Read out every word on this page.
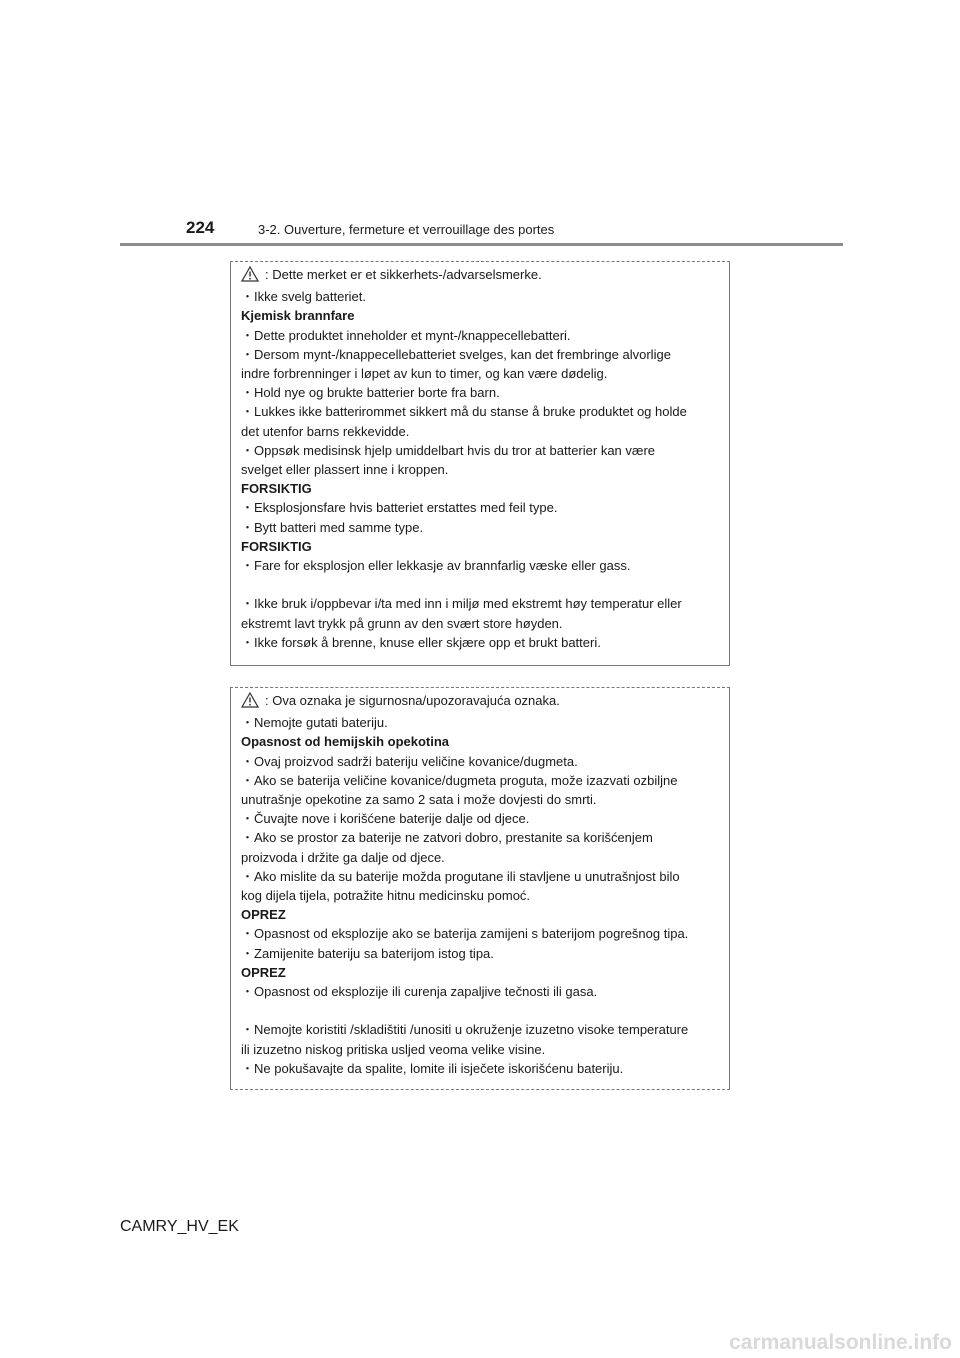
224	3-2. Ouverture, fermeture et verrouillage des portes
: Dette merket er et sikkerhets-/advarselsmerke.
・Ikke svelg batteriet.
Kjemisk brannfare
・Dette produktet inneholder et mynt-/knappecellebatteri.
・Dersom mynt-/knappecellebatteriet svelges, kan det frembringe alvorlige
indre forbrenninger i løpet av kun to timer, og kan være dødelig.
・Hold nye og brukte batterier borte fra barn.
・Lukkes ikke batterirommet sikkert må du stanse å bruke produktet og holde
det utenfor barns rekkevidde.
・Oppsøk medisinsk hjelp umiddelbart hvis du tror at batterier kan være
svelget eller plassert inne i kroppen.
FORSIKTIG
・Eksplosjonsfare hvis batteriet erstattes med feil type.
・Bytt batteri med samme type.
FORSIKTIG
・Fare for eksplosjon eller lekkasje av brannfarlig væske eller gass.
・Ikke bruk i/oppbevar i/ta med inn i miljø med ekstremt høy temperatur eller
ekstremt lavt trykk på grunn av den svært store høyden.
・Ikke forsøk å brenne, knuse eller skjære opp et brukt batteri.
: Ova oznaka je sigurnosna/upozoravajuća oznaka.
・Nemojte gutati bateriju.
Opasnost od hemijskih opekotina
・Ovaj proizvod sadrži bateriju veličine kovanice/dugmeta.
・Ako se baterija veličine kovanice/dugmeta proguta, može izazvati ozbiljne
unutrašnje opekotine za samo 2 sata i može dovjesti do smrti.
・Čuvajte nove i korišćene baterije dalje od djece.
・Ako se prostor za baterije ne zatvori dobro, prestanite sa korišćenjem
proizvoda i držite ga dalje od djece.
・Ako mislite da su baterije možda progutane ili stavljene u unutrašnjost bilo
kog dijela tijela, potražite hitnu medicinsku pomoć.
OPREZ
・Opasnost od eksplozije ako se baterija zamijeni s baterijom pogrešnog tipa.
・Zamijenite bateriju sa baterijom istog tipa.
OPREZ
・Opasnost od eksplozije ili curenja zapaljive tečnosti ili gasa.
・Nemojte koristiti /skladištiti /unositi u okruženje izuzetno visoke temperature
ili izuzetno niskog pritiska usljed veoma velike visine.
・Ne pokušavajte da spalite, lomite ili isječete iskorišćenu bateriju.
CAMRY_HV_EK
carmanualsonline.info
